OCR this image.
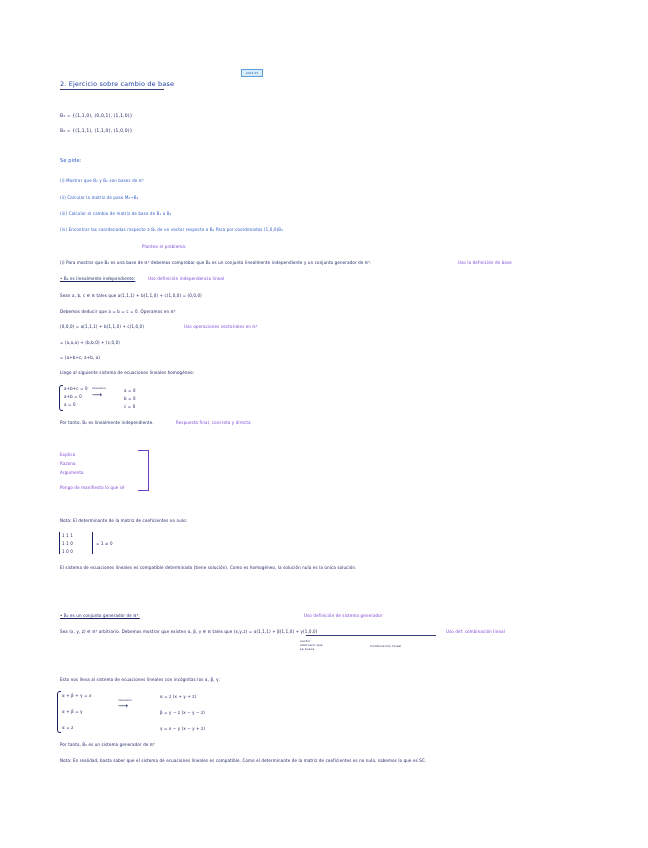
2024-25
2. Ejercicio sobre cambio de base
B₁ = {(1,1,0), (0,0,1), (1,1,0)}
B₂ = {(1,1,1), (1,1,0), (1,0,0)}
Se pide:
(i) Mostrar que B₁ y B₂ son bases de ℝ³
(ii) Calcular la matriz de paso M₂→B₁
(iii) Calcular el cambio de matriz de base de B₁ a B₂
(iv) Encontrar las coordenadas respecto a B₁ de un vector respecto a B₂ Para por coordenadas (1,0,0)B₂
Planteo el problema:
(i) Para mostrar que B₂ es una base de ℝ³ debemos comprobar que B₂ es un conjunto linealmente independiente y un conjunto generador de ℝ³.	Uso la definición de base
• B₂ es linealmente independiente:	Uso definición independencia lineal
Sean a, b, c ∈ ℝ tales que a(1,1,1) + b(1,1,0) + c(1,0,0) = (0,0,0)
Debemos deducir que a = b = c = 0. Operamos en ℝ³
(0,0,0) = a(1,1,1) + b(1,1,0) + c(1,0,0)	Uso operaciones vectoriales en ℝ³
= (a,a,a) + (b,b,0) + (c,0,0)
= (a+b+c, a+b, a)
Llego al siguiente sistema de ecuaciones lineales homogéneo:
a+b+c = 0
a+b = 0
a = 0
resuelvo
⟶
a = 0
b = 0
c = 0
Por tanto, B₂ es linealmente independiente.	Respuesta final, concreta y directa
Explica
Razona
Argumenta
Pongo de manifiesto lo que sé
Nota: El determinante de la matriz de coeficientes no nulo:
1 1 1
1 1 0
1 0 0
= 1 ≠ 0
El sistema de ecuaciones lineales es compatible determinado (tiene solución). Como es homogéneo, la solución nula es la única solución.
• B₂ es un conjunto generador de ℝ³:	Uso definición de sistema generador
Sea (x, y, z) ∈ ℝ³ arbitrario. Debemos mostrar que existen α, β, γ ∈ ℝ tales que (x,y,z) = α(1,1,1) + β(1,1,0) + γ(1,0,0)	Uso def. combinación lineal
vector arbitrario que se busca
Combinación lineal
Esto nos lleva al sistema de ecuaciones lineales con incógnitas los α, β, γ:
α + β + γ = x
α + β = y
α = z
resuelvo
⟶
α = z (x + y + z)
β = y − z (x − y − z)
γ = x − y (x − y + z)
Por tanto, B₂ es un sistema generador de ℝ³
Nota: En realidad, basta saber que el sistema de ecuaciones lineales es compatible. Como el determinante de la matriz de coeficientes es no nulo, sabemos lo que es SC.
